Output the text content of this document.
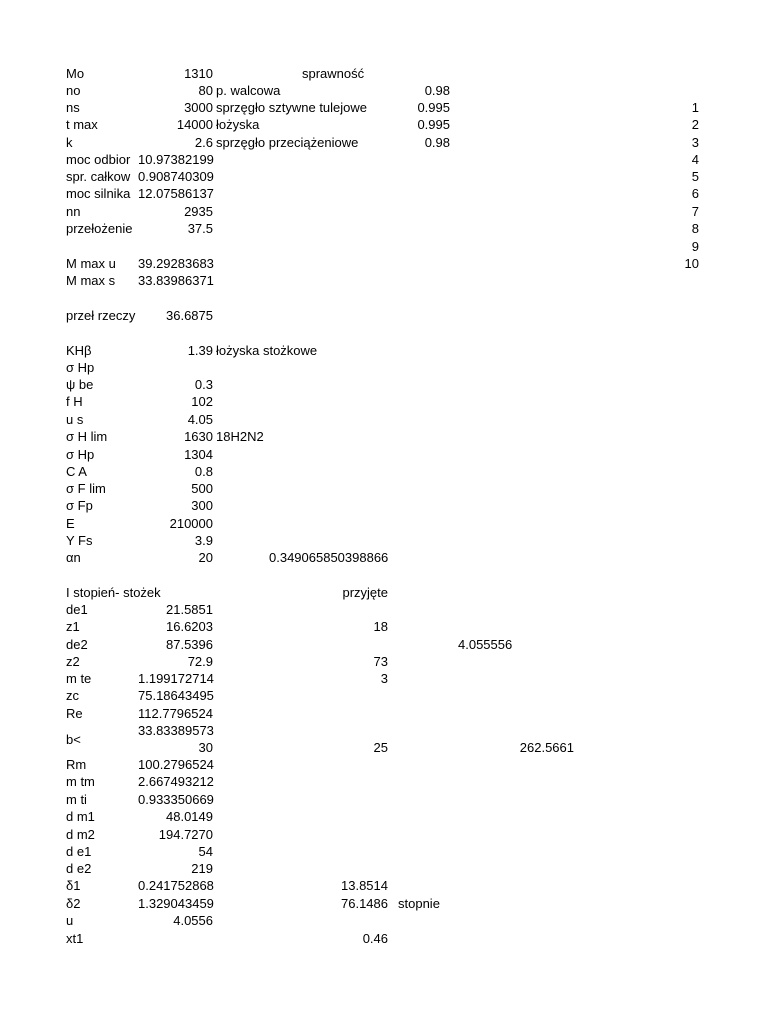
Mo	1310	sprawność
no	80 p. walcowa	0.98
ns	3000 sprzęgło sztywne tulejowe	0.995	1
t max	14000 łożyska	0.995	2
k	2.6 sprzęgło przeciążeniowe	0.98	3
moc odbior 10.97382199	4
spr. całkow 0.908740309	5
moc silnika 12.07586137	6
nn	2935	7
przełożenie	37.5	8
9
M max u 39.29283683	10
M max s 33.83986371
przeł rzeczy 36.6875
KHβ	1.39 łożyska stożkowe
σ Hp
ψ be	0.3
f H	102
u s	4.05
σ H lim	1630 18H2N2
σ Hp	1304
C A	0.8
σ F lim	500
σ Fp	300
E	210000
Y Fs	3.9
αn	20	0.349065850398866
I stopień- stożek	przyjęte
de1	21.5851
z1	16.6203	18
de2	87.5396	4.055556
z2	72.9	73
m te	1.199172714	3
zc	75.18643495
Re	112.7796524
b<
33.83389573
30	25	262.5661
Rm	100.2796524
m tm	2.667493212
m ti	0.933350669
d m1	48.0149
d m2	194.7270
d e1	54
d e2	219
δ1	0.241752868	13.8514
δ2	1.329043459	76.1486 stopnie
u	4.0556
xt1	0.46
